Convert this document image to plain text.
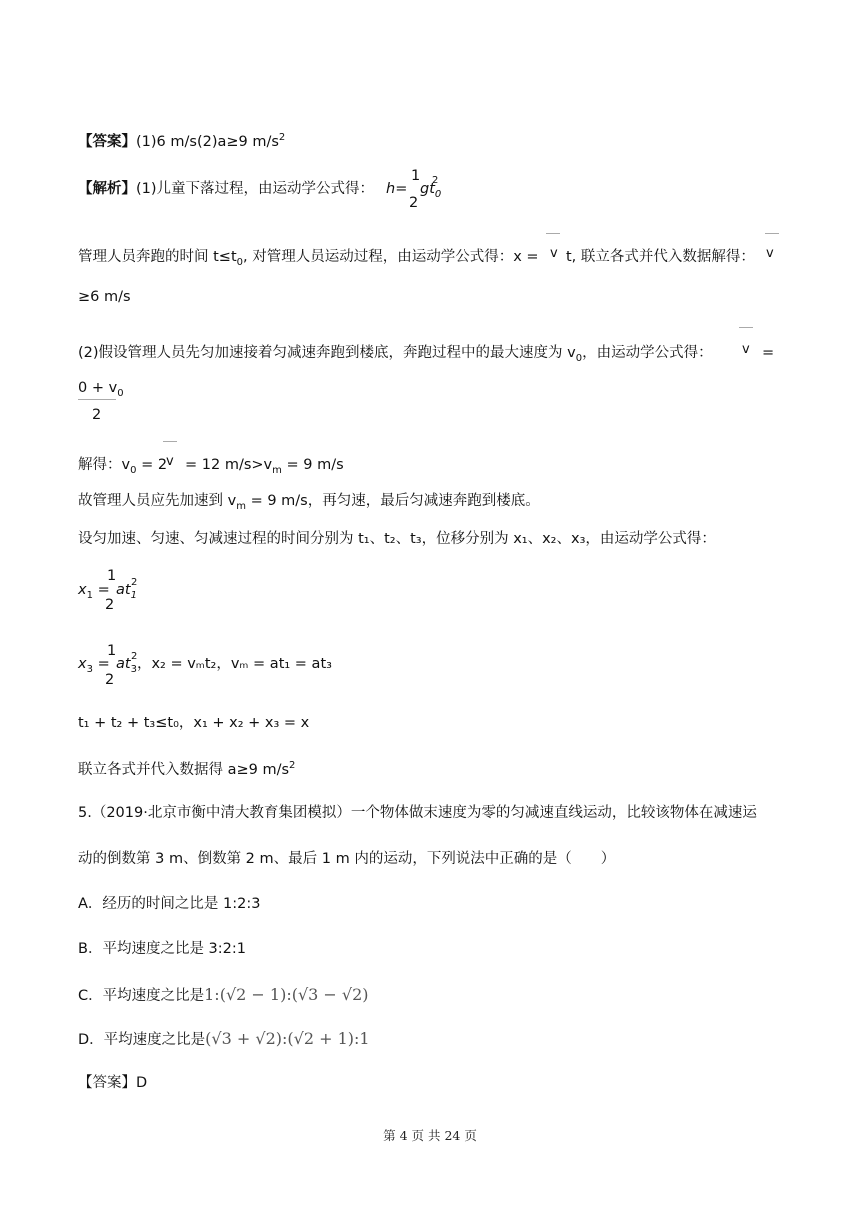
【答案】(1)6 m/s(2)a≥9 $m/s^2$
【解析】(1)儿童下落过程，由运动学公式得： h=
1
2
$gt_0$
2
管理人员奔跑的时间 $t\le t_0$, 对管理人员运动过程，由运动学公式得：x = v t, 联立各式并代入数据解得： v
≥6 m/s
(2)假设管理人员先匀加速接着匀减速奔跑到楼底，奔跑过程中的最大速度为 $v_0$，由运动学公式得： v =
$0 + v_0$
2
解得：$v_0 = 2$
v = 12 $m/s>v_m = 9$ m/s
故管理人员应先加速到 $v_m = 9$ m/s，再匀速，最后匀减速奔跑到楼底。
设匀加速、匀速、匀减速过程的时间分别为 t₁、t₂、t₃，位移分别为 x₁、x₂、x₃，由运动学公式得：
$x_1$ =
1
2
$at_1$
2
$x_3$ =
1
2
$at_3$，x₂ = vₘt₂，vₘ = at₁ = at₃
2
t₁ + t₂ + t₃≤t₀，x₁ + x₂ + x₃ = x
联立各式并代入数据得 a≥9 $m/s^2$
5.（2019·北京市衡中清大教育集团模拟）一个物体做末速度为零的匀减速直线运动，比较该物体在减速运
动的倒数第 3 m、倒数第 2 m、最后 1 m 内的运动，下列说法中正确的是（　　）
A．经历的时间之比是 1:2:3
B．平均速度之比是 3:2:1
C．平均速度之比是1:(√2 − 1):(√3 − √2)
D．平均速度之比是(√3 + √2):(√2 + 1):1
【答案】D
第 4 页 共 24 页
